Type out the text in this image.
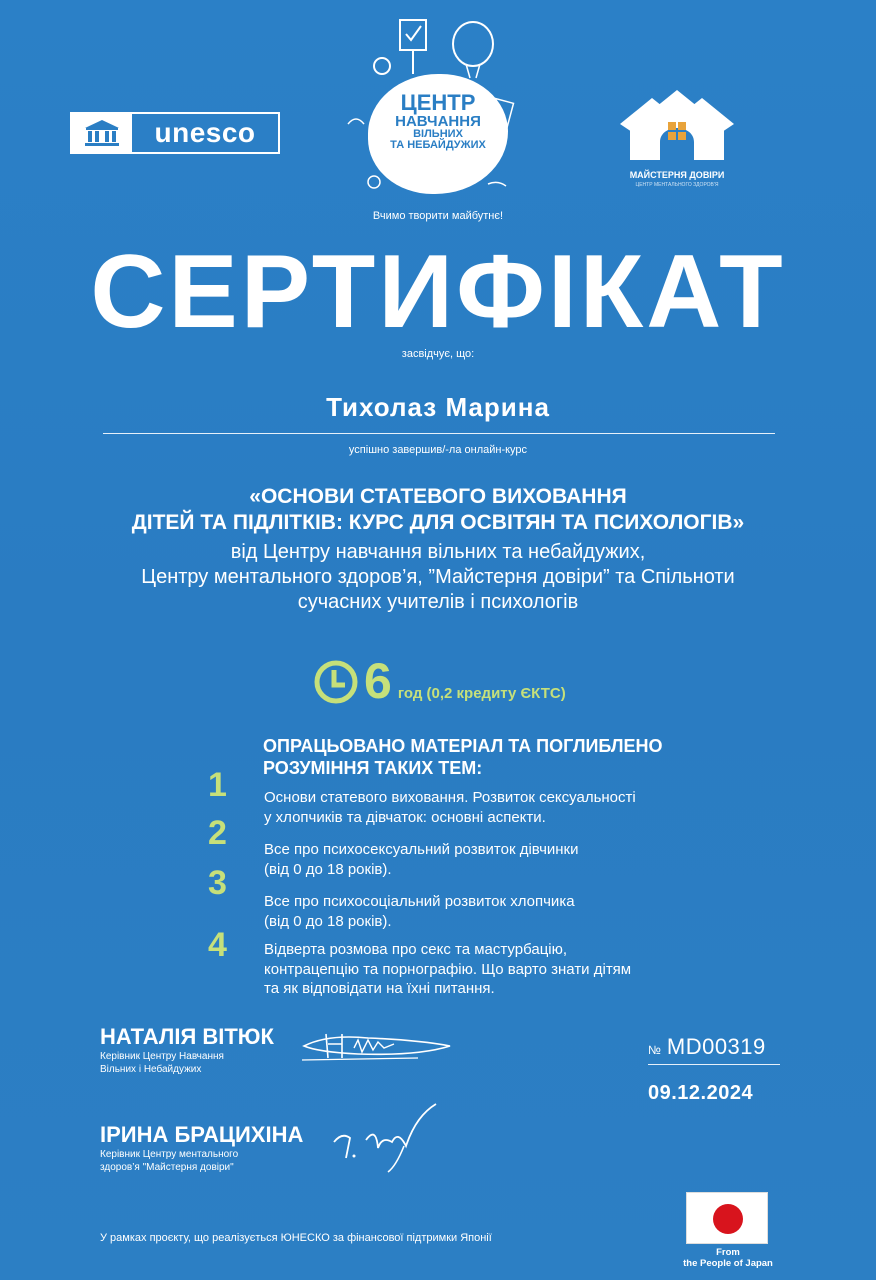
unesco
ЦЕНТР
НАВЧАННЯ
ВІЛЬНИХ
ТА НЕБАЙДУЖИХ
Вчимо творити майбутнє!
МАЙСТЕРНЯ ДОВІРИ
ЦЕНТР МЕНТАЛЬНОГО ЗДОРОВ'Я
СЕРТИФІКАТ
засвідчує, що:
Тихолаз Марина
успішно завершив/-ла онлайн-курс
«ОСНОВИ СТАТЕВОГО ВИХОВАННЯ
ДІТЕЙ ТА ПІДЛІТКІВ: КУРС ДЛЯ ОСВІТЯН ТА ПСИХОЛОГІВ»
від Центру навчання вільних та небайдужих,
Центру ментального здоров’я, ”Майстерня довіри” та Спільноти
сучасних учителів і психологів
6 год (0,2 кредиту ЄКТС)
ОПРАЦЬОВАНО МАТЕРІАЛ ТА ПОГЛИБЛЕНО
РОЗУМІННЯ ТАКИХ ТЕМ:
1 Основи статевого виховання. Розвиток сексуальності
у хлопчиків та дівчаток: основні аспекти.
2 Все про психосексуальний розвиток дівчинки
(від 0 до 18 років).
3 Все про психосоціальний розвиток хлопчика
(від 0 до 18 років).
4 Відверта розмова про секс та мастурбацію,
контрацепцію та порнографію. Що варто знати дітям
та як відповідати на їхні питання.
НАТАЛІЯ ВІТЮК
Керівник Центру Навчання
Вільних і Небайдужих
ІРИНА БРАЦИХІНА
Керівник Центру ментального
здоров’я "Майстерня довіри"
№ MD00319
09.12.2024
У рамках проєкту, що реалізується ЮНЕСКО за фінансової підтримки Японії
From
the People of Japan
